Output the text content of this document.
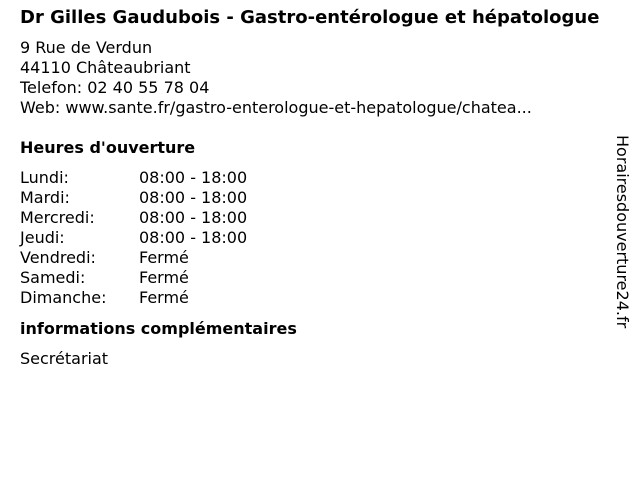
Dr Gilles Gaudubois - Gastro-entérologue et hépatologue
9 Rue de Verdun
44110 Châteaubriant
Telefon: 02 40 55 78 04
Web: www.sante.fr/gastro-enterologue-et-hepatologue/chatea...
Heures d'ouverture
Lundi:	08:00 - 18:00
Mardi:	08:00 - 18:00
Mercredi:	08:00 - 18:00
Jeudi:	08:00 - 18:00
Vendredi:	Fermé
Samedi:	Fermé
Dimanche:	Fermé
informations complémentaires
Secrétariat
Horairesdouverture24.fr
